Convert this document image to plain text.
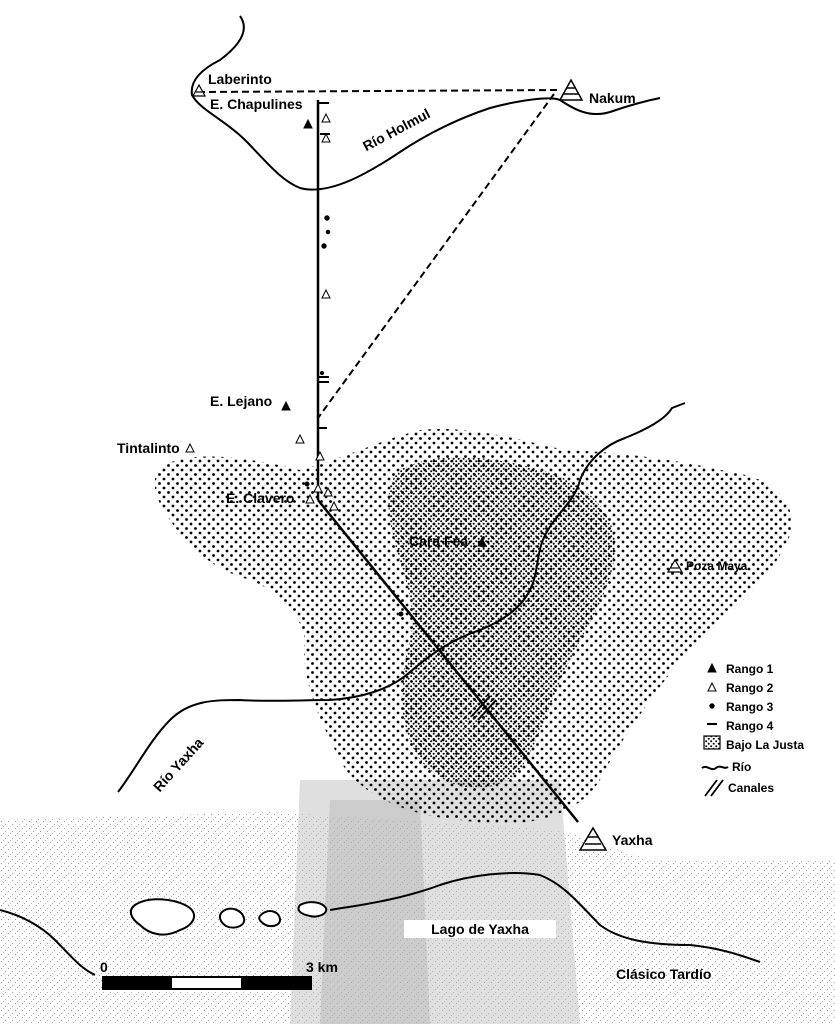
Laberinto
E. Chapulines	Nakum
E. Lejano
Tintalinto
E. Clavero
Cara Fea
Poza Maya
Yaxha
Río Holmul
Río Yaxha
Lago de Yaxha
0	3 km	Clásico Tardío
Rango 1
Rango 2
Rango 3
Rango 4
Bajo La Justa
Río
Canales
